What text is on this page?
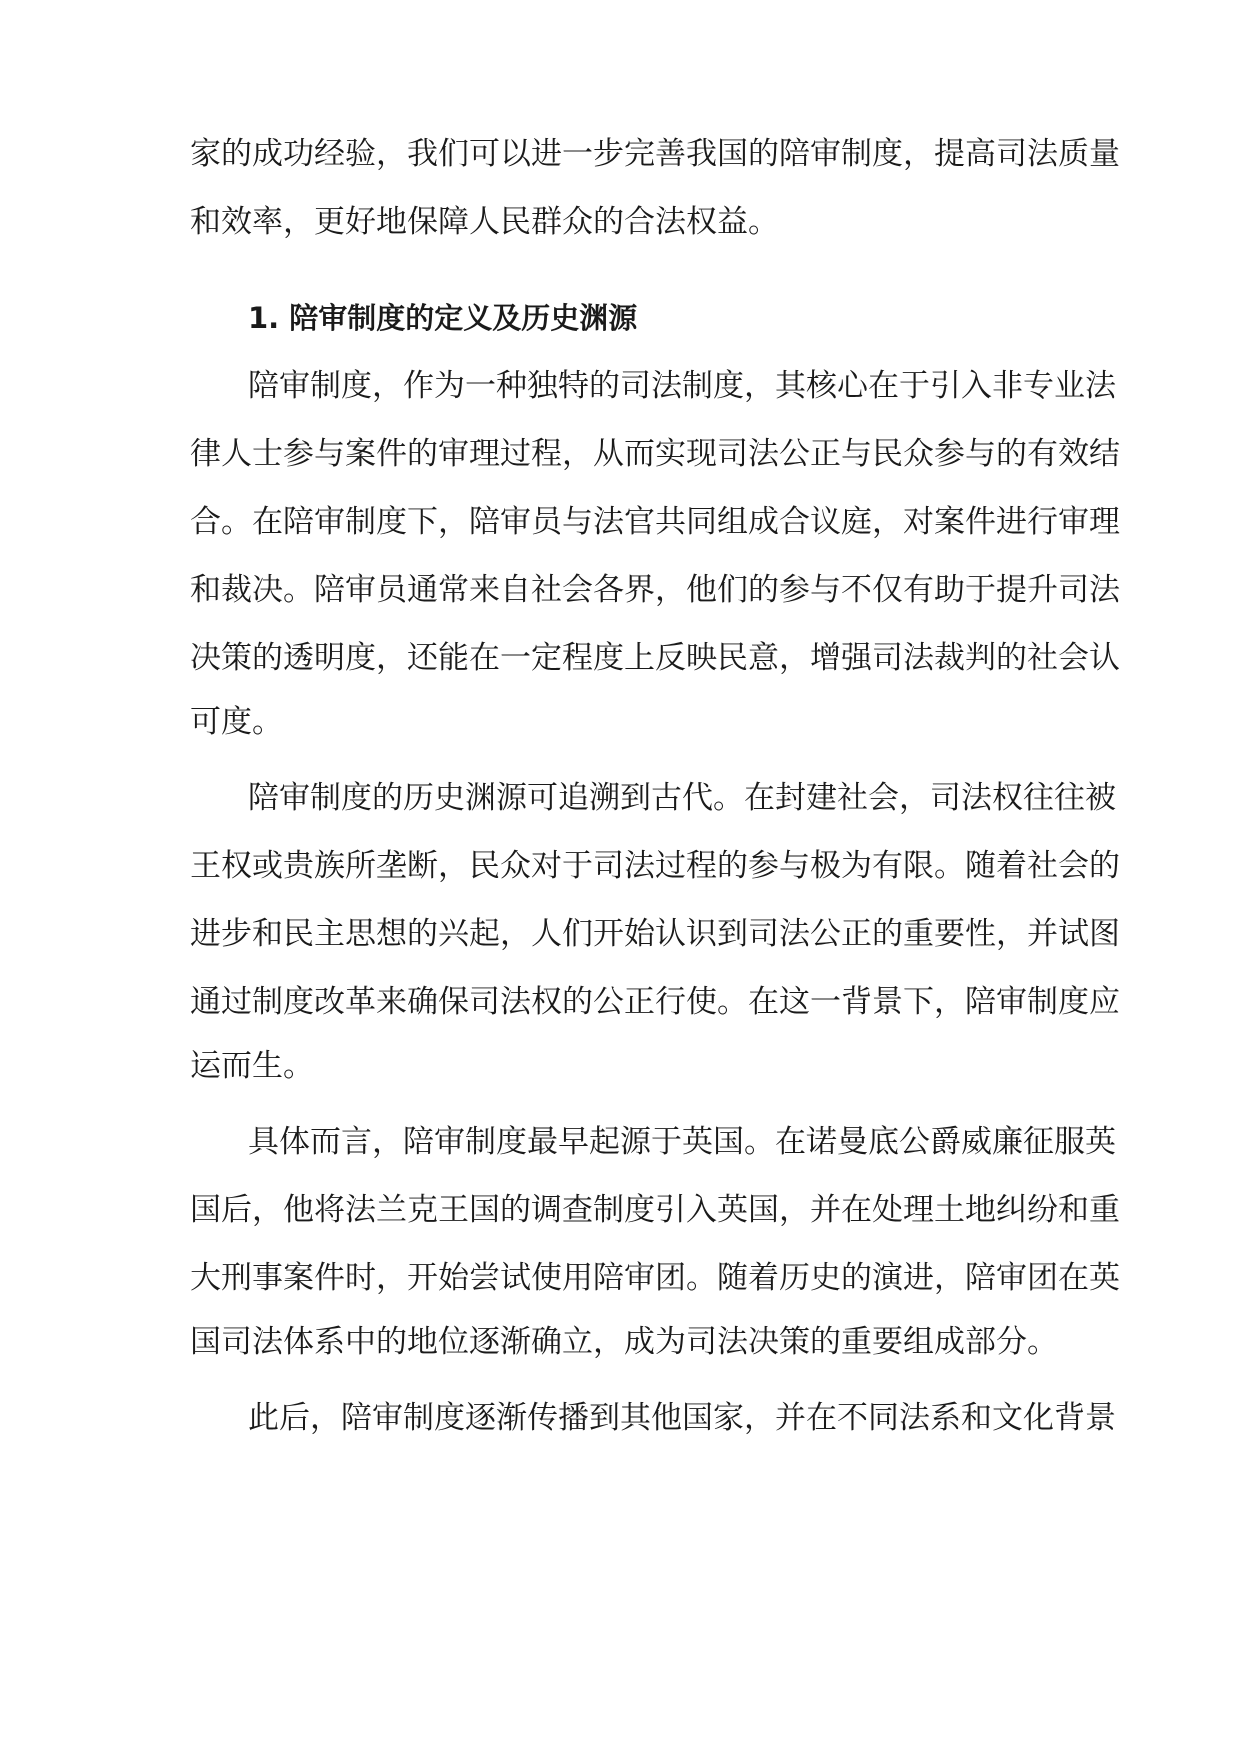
家的成功经验，我们可以进一步完善我国的陪审制度，提高司法质量
和效率，更好地保障人民群众的合法权益。
1. 陪审制度的定义及历史渊源
陪审制度，作为一种独特的司法制度，其核心在于引入非专业法
律人士参与案件的审理过程，从而实现司法公正与民众参与的有效结
合。在陪审制度下，陪审员与法官共同组成合议庭，对案件进行审理
和裁决。陪审员通常来自社会各界，他们的参与不仅有助于提升司法
决策的透明度，还能在一定程度上反映民意，增强司法裁判的社会认
可度。
陪审制度的历史渊源可追溯到古代。在封建社会，司法权往往被
王权或贵族所垄断，民众对于司法过程的参与极为有限。随着社会的
进步和民主思想的兴起，人们开始认识到司法公正的重要性，并试图
通过制度改革来确保司法权的公正行使。在这一背景下，陪审制度应
运而生。
具体而言，陪审制度最早起源于英国。在诺曼底公爵威廉征服英
国后，他将法兰克王国的调查制度引入英国，并在处理土地纠纷和重
大刑事案件时，开始尝试使用陪审团。随着历史的演进，陪审团在英
国司法体系中的地位逐渐确立，成为司法决策的重要组成部分。
此后，陪审制度逐渐传播到其他国家，并在不同法系和文化背景
